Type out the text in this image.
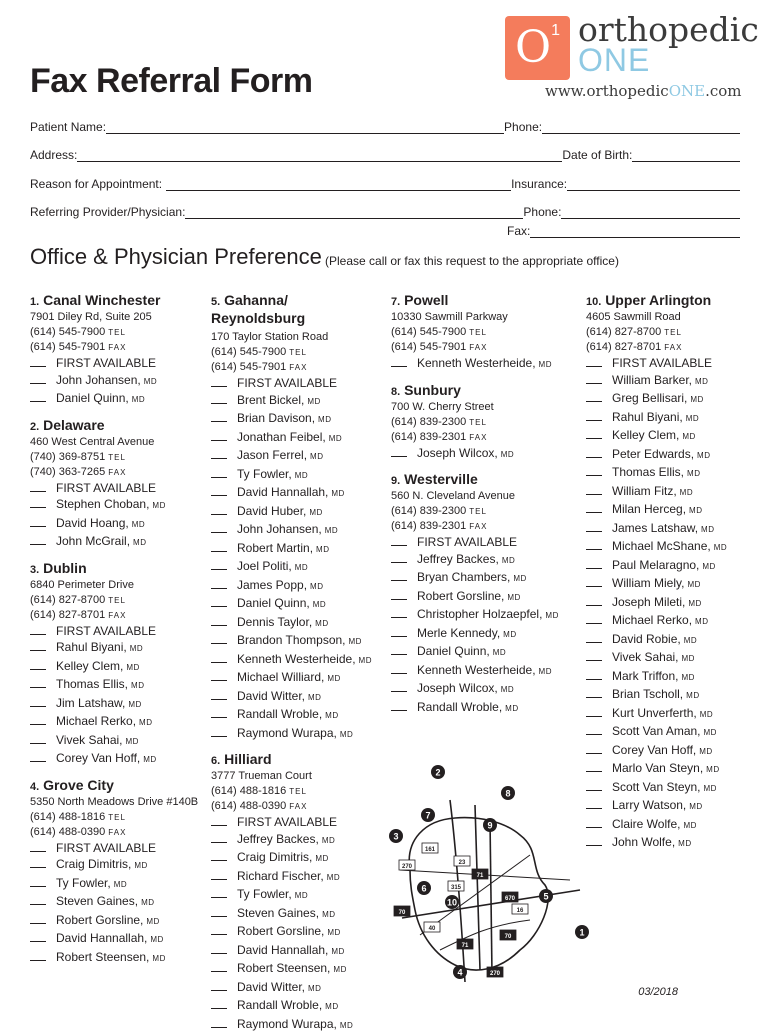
Fax Referral Form
$O^1$ orthopedic
ONE
www.orthopedicONE.com
Patient Name:	Phone:
Address:	Date of Birth:
Reason for Appointment:	Insurance:
Referring Provider/Physician:	Phone:
Fax:
Office & Physician Preference (Please call or fax this request to the appropriate office)
1. Canal Winchester
7901 Diley Rd, Suite 205
(614) 545-7900 TEL
(614) 545-7901 FAX
FIRST AVAILABLE
John Johansen, MD
Daniel Quinn, MD
2. Delaware
460 West Central Avenue
(740) 369-8751 TEL
(740) 363-7265 FAX
FIRST AVAILABLE
Stephen Choban, MD
David Hoang, MD
John McGrail, MD
3. Dublin
6840 Perimeter Drive
(614) 827-8700 TEL
(614) 827-8701 FAX
FIRST AVAILABLE
Rahul Biyani, MD
Kelley Clem, MD
Thomas Ellis, MD
Jim Latshaw, MD
Michael Rerko, MD
Vivek Sahai, MD
Corey Van Hoff, MD
4. Grove City
5350 North Meadows Drive #140B
(614) 488-1816 TEL
(614) 488-0390 FAX
FIRST AVAILABLE
Craig Dimitris, MD
Ty Fowler, MD
Steven Gaines, MD
Robert Gorsline, MD
David Hannallah, MD
Robert Steensen, MD
5. Gahanna/
Reynoldsburg
170 Taylor Station Road
(614) 545-7900 TEL
(614) 545-7901 FAX
FIRST AVAILABLE
Brent Bickel, MD
Brian Davison, MD
Jonathan Feibel, MD
Jason Ferrel, MD
Ty Fowler, MD
David Hannallah, MD
David Huber, MD
John Johansen, MD
Robert Martin, MD
Joel Politi, MD
James Popp, MD
Daniel Quinn, MD
Dennis Taylor, MD
Brandon Thompson, MD
Kenneth Westerheide, MD
Michael Williard, MD
David Witter, MD
Randall Wroble, MD
Raymond Wurapa, MD
6. Hilliard
3777 Trueman Court
(614) 488-1816 TEL
(614) 488-0390 FAX
FIRST AVAILABLE
Jeffrey Backes, MD
Craig Dimitris, MD
Richard Fischer, MD
Ty Fowler, MD
Steven Gaines, MD
Robert Gorsline, MD
David Hannallah, MD
Robert Steensen, MD
David Witter, MD
Randall Wroble, MD
Raymond Wurapa, MD
7. Powell
10330 Sawmill Parkway
(614) 545-7900 TEL
(614) 545-7901 FAX
Kenneth Westerheide, MD
8. Sunbury
700 W. Cherry Street
(614) 839-2300 TEL
(614) 839-2301 FAX
Joseph Wilcox, MD
9. Westerville
560 N. Cleveland Avenue
(614) 839-2300 TEL
(614) 839-2301 FAX
FIRST AVAILABLE
Jeffrey Backes, MD
Bryan Chambers, MD
Robert Gorsline, MD
Christopher Holzaepfel, MD
Merle Kennedy, MD
Daniel Quinn, MD
Kenneth Westerheide, MD
Joseph Wilcox, MD
Randall Wroble, MD
10. Upper Arlington
4605 Sawmill Road
(614) 827-8700 TEL
(614) 827-8701 FAX
FIRST AVAILABLE
William Barker, MD
Greg Bellisari, MD
Rahul Biyani, MD
Kelley Clem, MD
Peter Edwards, MD
Thomas Ellis, MD
William Fitz, MD
Milan Herceg, MD
James Latshaw, MD
Michael McShane, MD
Paul Melaragno, MD
William Miely, MD
Joseph Mileti, MD
Michael Rerko, MD
David Robie, MD
Vivek Sahai, MD
Mark Triffon, MD
Brian Tscholl, MD
Kurt Unverferth, MD
Scott Van Aman, MD
Corey Van Hoff, MD
Marlo Van Steyn, MD
Scott Van Steyn, MD
Larry Watson, MD
Claire Wolfe, MD
John Wolfe, MD
1
2
3
4
5
6
7
8
9
10
161
270
23
71
315
670
16
70
40
71
70
270
03/2018
